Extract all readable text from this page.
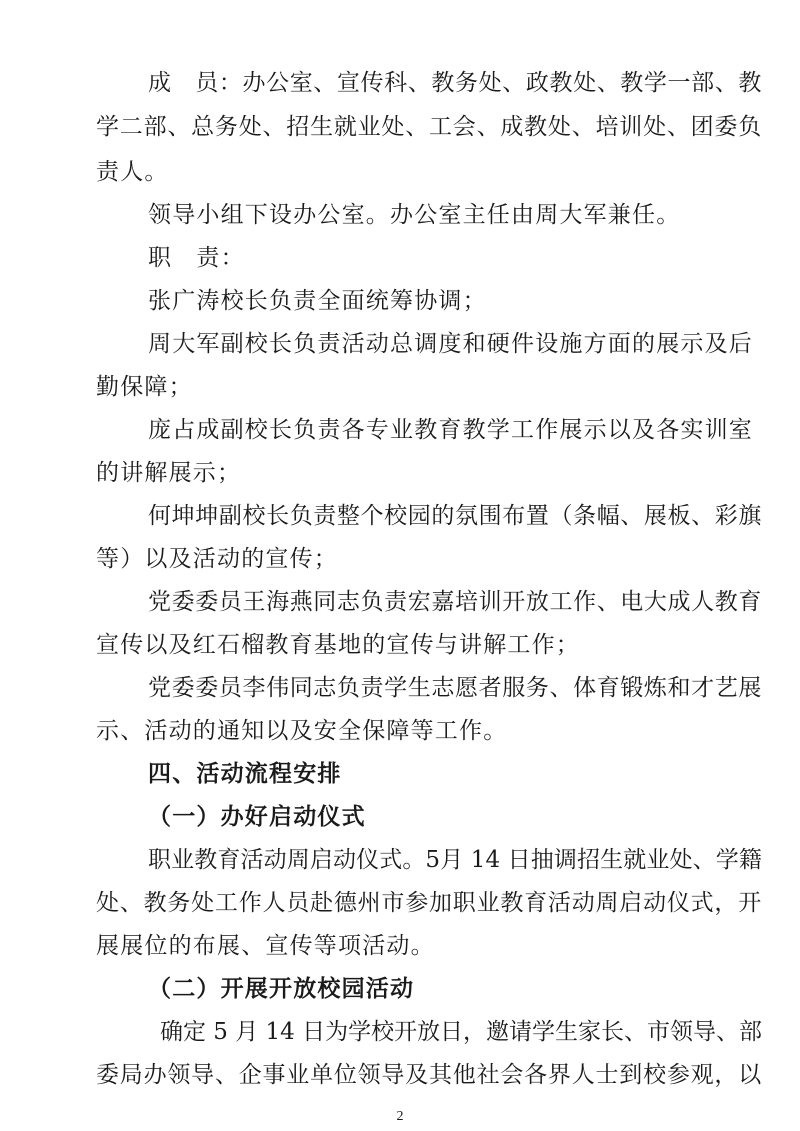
成　员：办公室、宣传科、教务处、政教处、教学一部、教
学二部、总务处、招生就业处、工会、成教处、培训处、团委负
责人。
领导小组下设办公室。办公室主任由周大军兼任。
职　责：
张广涛校长负责全面统筹协调；
周大军副校长负责活动总调度和硬件设施方面的展示及后
勤保障；
庞占成副校长负责各专业教育教学工作展示以及各实训室
的讲解展示；
何坤坤副校长负责整个校园的氛围布置（条幅、展板、彩旗
等）以及活动的宣传；
党委委员王海燕同志负责宏嘉培训开放工作、电大成人教育
宣传以及红石榴教育基地的宣传与讲解工作；
党委委员李伟同志负责学生志愿者服务、体育锻炼和才艺展
示、活动的通知以及安全保障等工作。
四、活动流程安排
（一）办好启动仪式
职业教育活动周启动仪式。5月 14 日抽调招生就业处、学籍
处、教务处工作人员赴德州市参加职业教育活动周启动仪式，开
展展位的布展、宣传等项活动。
（二）开展开放校园活动
确定 5 月 14 日为学校开放日，邀请学生家长、市领导、部
委局办领导、企事业单位领导及其他社会各界人士到校参观，以
2
